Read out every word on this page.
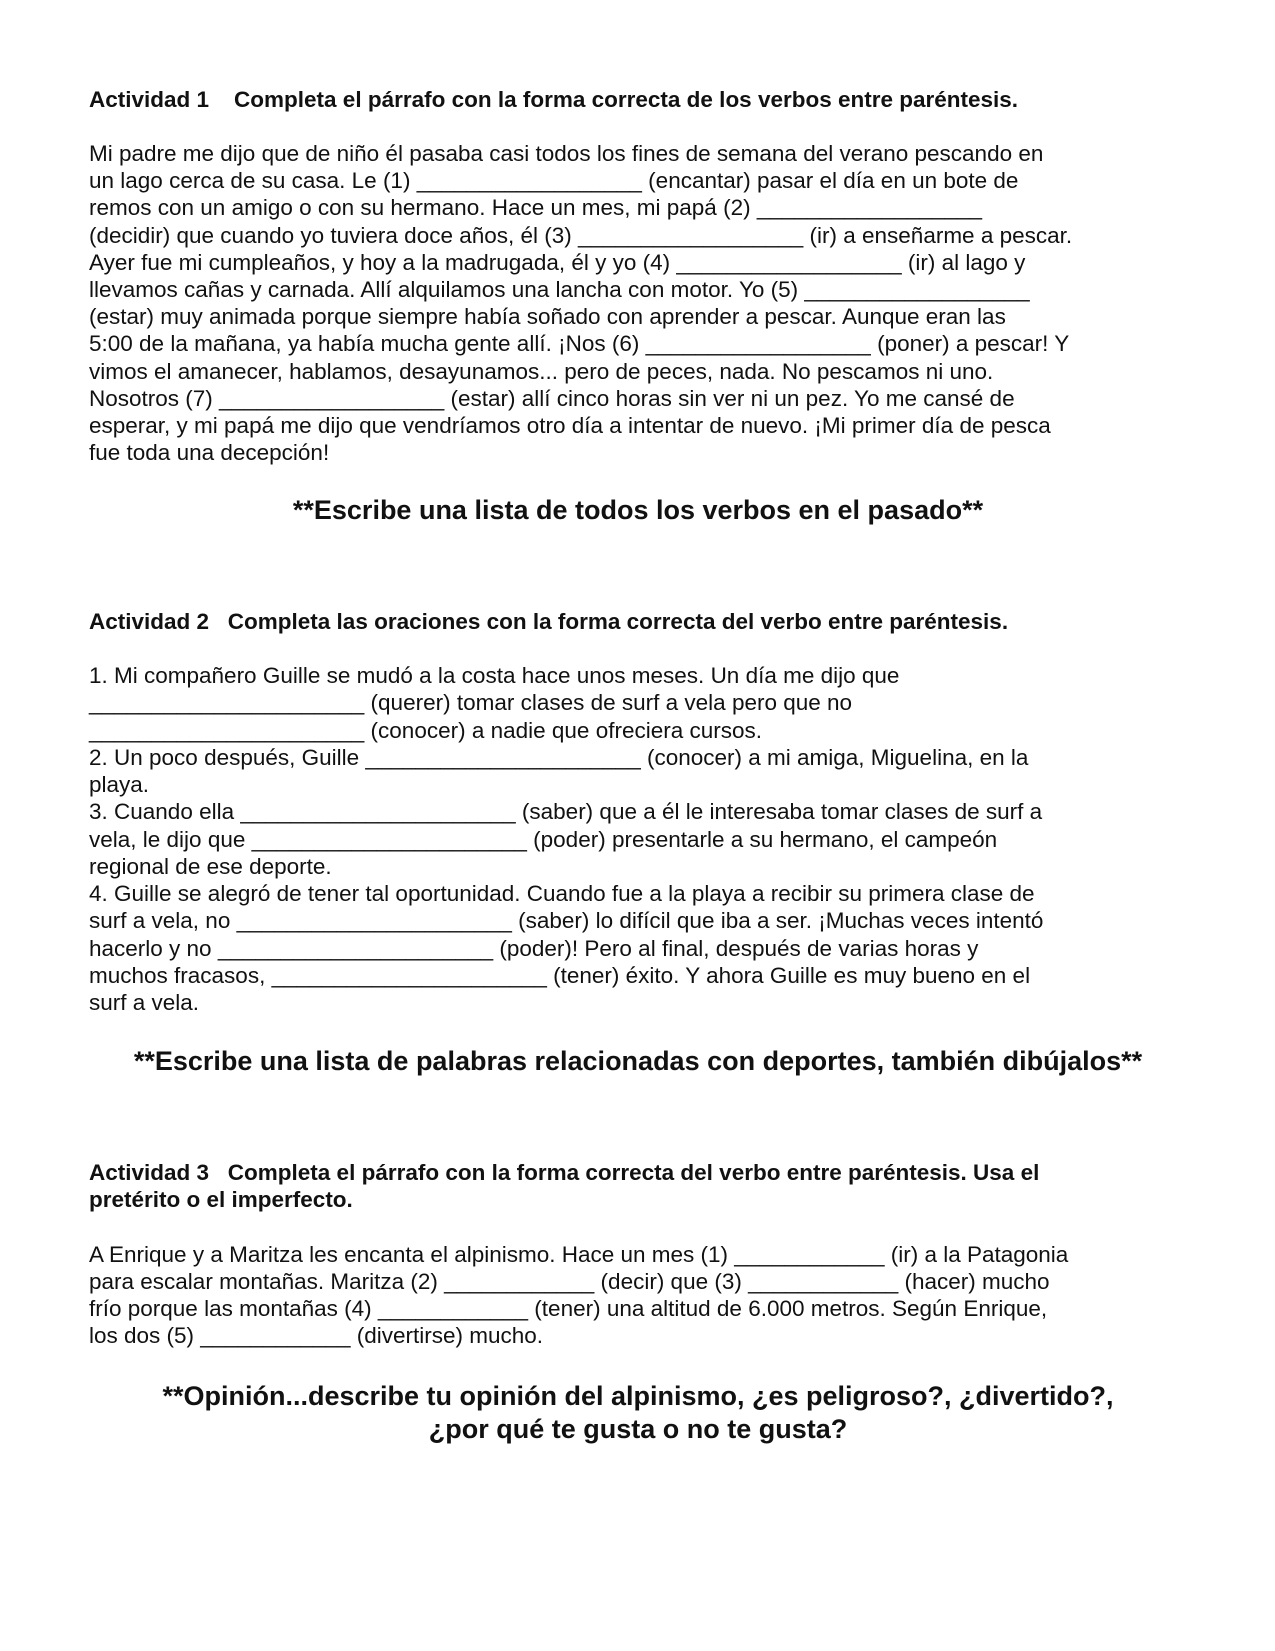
Actividad 1    Completa el párrafo con la forma correcta de los verbos entre paréntesis.
Mi padre me dijo que de niño él pasaba casi todos los fines de semana del verano pescando en
un lago cerca de su casa. Le (1) __________________ (encantar) pasar el día en un bote de
remos con un amigo o con su hermano. Hace un mes, mi papá (2) __________________
(decidir) que cuando yo tuviera doce años, él (3) __________________ (ir) a enseñarme a pescar.
Ayer fue mi cumpleaños, y hoy a la madrugada, él y yo (4) __________________ (ir) al lago y
llevamos cañas y carnada. Allí alquilamos una lancha con motor. Yo (5) __________________
(estar) muy animada porque siempre había soñado con aprender a pescar. Aunque eran las
5:00 de la mañana, ya había mucha gente allí. ¡Nos (6) __________________ (poner) a pescar! Y
vimos el amanecer, hablamos, desayunamos... pero de peces, nada. No pescamos ni uno.
Nosotros (7) __________________ (estar) allí cinco horas sin ver ni un pez. Yo me cansé de
esperar, y mi papá me dijo que vendríamos otro día a intentar de nuevo. ¡Mi primer día de pesca
fue toda una decepción!
**Escribe una lista de todos los verbos en el pasado**
Actividad 2   Completa las oraciones con la forma correcta del verbo entre paréntesis.
1. Mi compañero Guille se mudó a la costa hace unos meses. Un día me dijo que
______________________ (querer) tomar clases de surf a vela pero que no
______________________ (conocer) a nadie que ofreciera cursos.
2. Un poco después, Guille ______________________ (conocer) a mi amiga, Miguelina, en la
playa.
3. Cuando ella ______________________ (saber) que a él le interesaba tomar clases de surf a
vela, le dijo que ______________________ (poder) presentarle a su hermano, el campeón
regional de ese deporte.
4. Guille se alegró de tener tal oportunidad. Cuando fue a la playa a recibir su primera clase de
surf a vela, no ______________________ (saber) lo difícil que iba a ser. ¡Muchas veces intentó
hacerlo y no ______________________ (poder)! Pero al final, después de varias horas y
muchos fracasos, ______________________ (tener) éxito. Y ahora Guille es muy bueno en el
surf a vela.
**Escribe una lista de palabras relacionadas con deportes, también dibújalos**
Actividad 3   Completa el párrafo con la forma correcta del verbo entre paréntesis. Usa el
pretérito o el imperfecto.
A Enrique y a Maritza les encanta el alpinismo. Hace un mes (1) ____________ (ir) a la Patagonia
para escalar montañas. Maritza (2) ____________ (decir) que (3) ____________ (hacer) mucho
frío porque las montañas (4) ____________ (tener) una altitud de 6.000 metros. Según Enrique,
los dos (5) ____________ (divertirse) mucho.
**Opinión...describe tu opinión del alpinismo, ¿es peligroso?, ¿divertido?,
¿por qué te gusta o no te gusta?
